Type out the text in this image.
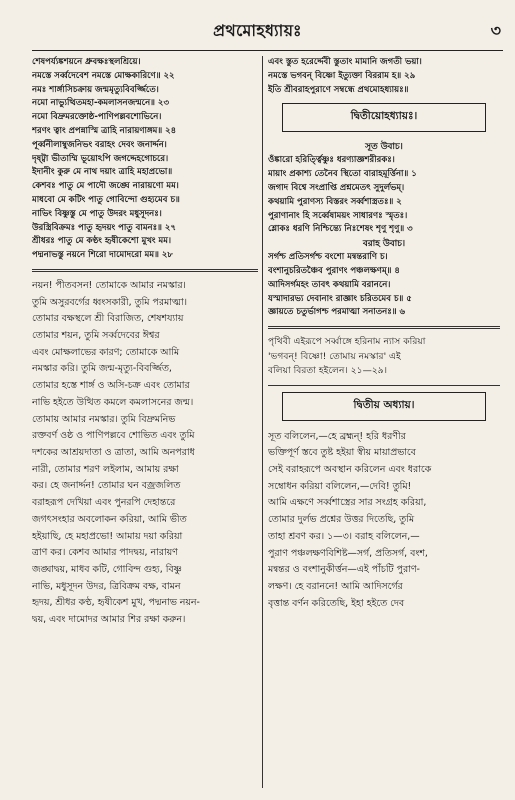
প্রথমোহধ্যায়ঃ	৩
শেষপর্য্যঙ্কশয়নে ধ্রুবক্ষঃস্থলশ্রিয়ে।
নমস্তে সর্ব্বদেবেশ নমস্তে মোক্ষকারিণে॥ ২২
নমঃ শার্ঙ্গাসিচক্রায় জন্মমৃত্যুবিবর্জ্জিতে।
নমো নাভ্যুত্থিতমহা-কমলাসনজন্মনে॥ ২৩
নমো বিদ্রুমরক্তোষ্ঠ-পাণিপল্লবশোভিনে।
শরণং ত্বাং প্রপন্নাস্মি ত্রাহি নারায়ণাঙ্গম॥ ২৪
পূর্ব্বনীলাম্বুজনিভং বরাহং দেবং জনার্দ্দন।
দৃষ্ট্বা ভীতাম্মি ভূয়োঽপি জগদ্দেহগোচরে।
ইদানীং কুরু মে নাথ দয়াং ত্রাহি মহাপ্রভো॥
কেশবঃ পাতু মে পাদৌ জঙ্ঘে নারায়ণো মম।
মাধবো মে কটিং পাতু গোবিন্দো গুহ্যমেব চ॥
নাভিং বিষ্ণুস্তু মে পাতু উদরং মধুসূদনঃ।
উরস্ত্রিবিক্রমঃ পাতু হৃদয়ং পাতু বামনঃ॥ ২৭
শ্রীধরঃ পাতু মে কণ্ঠং হৃষীকেশো মুখং মম।
পদ্মনাভস্তু নয়নে শিরো দামোদরো মম॥ ২৮
নয়ন! পীতবসন! তোমাকে আমার নমস্কার।
তুমি অসুরবর্গের ধ্বংসকারী, তুমি পরমাত্মা।
তোমার বক্ষস্থলে শ্রী বিরাজিত, শেষশয্যায়
তোমার শয়ন, তুমি সর্ব্বদেবের ঈশ্বর
এবং মোক্ষলাভের কারণ; তোমাকে আমি
নমস্কার করি। তুমি জন্ম-মৃত্যু-বিবর্জ্জিত,
তোমার হস্তে শার্ঙ্গ ও অসি-চক্র এবং তোমার
নাভি হইতে উত্থিত কমলে কমলাসনের জন্ম।
তোমায় আমার নমস্কার। তুমি বিদ্রুমনিভ
রক্তবর্ণ ওষ্ঠ ও পাণিপল্লবে শোভিত এবং তুমি
দশকের আশ্রয়দাতা ও ত্রাতা, আমি অনপরাধ
নারী, তোমার শরণ লইলাম, আমায় রক্ষা
কর। হে জনার্দ্দন! তোমার ঘন বজ্রজলিত
বরাহরূপ দেখিয়া এবং পুনরপি দেহান্তরে
জগৎসংহার অবলোকন করিয়া, আমি ভীত
হইয়াছি, হে মহাপ্রভো! আমায় দয়া করিয়া
ত্রাণ কর। কেশব আমার পাদদ্বয়, নারায়ণ
জঙ্ঘাদ্বয়, মাধব কটি, গোবিন্দ গুহ্য, বিষ্ণু
নাভি, মধুসূদন উদর, ত্রিবিক্রম বক্ষ, বামন
হৃদয়, শ্রীধর কণ্ঠ, হৃষীকেশ মুখ, পদ্মনাভ নয়ন-
দ্বয়, এবং দামোদর আমার শির রক্ষা করুন।
এবং স্তুত হরের্দ্দেবী স্তুতাং মামানি জগতী ভয়া।
নমস্তে ভগবন্ বিষ্ণো ইত্যুক্তা বিররাম হ॥ ২৯
ইতি শ্রীবরাহপুরাণে সম্বন্ধে প্রথমোহধ্যায়ঃ॥
দ্বিতীয়োহধ্যায়ঃ।
সূত উবাচ।
ওঁঙ্কারো হরির্ত্ত্বিষ্ণুঃ ধরণ্যাজ্ঞশরীরকঃ।
মায়াং প্রকাশ্য তেনৈব স্থিতো বারাহমূর্ত্তিনা॥ ১
জগাদ বিশ্বে সংপ্রাপ্তি প্রশ্নমেতৎ সুদুর্লভম্।
কথয়ামি পুরাণস্য বিস্তরং সর্ব্বশাস্ত্রতঃ॥ ২
পুরাণানাং হি সর্ব্বেষাময়ং সাধারণঃ স্মৃতঃ।
শ্লোকঃ ধরণি নিশ্চিন্ত্যে নিঃশেষং শৃণু শৃণু॥ ৩
বরাহ উবাচ।
সর্গশ্চ প্রতিসর্গশ্চ বংশো মন্বন্তরাণি চ।
বংশানুচরিতঞ্চৈব পুরাণং পঞ্চলক্ষণম্॥ ৪
আদিসর্গমহং তাবৎ কথয়ামি বরাননে।
যস্মাদারভ্য দেবানাং রাজ্ঞাং চরিতমেব চ॥ ৫
জ্ঞায়তে চতুর্ভাগশ্চ পরমাত্মা সনাতনঃ॥ ৬
পৃথিবী এইরূপে সর্ব্বাঙ্গে হরিনাম ন্যাস করিয়া
'ভগবন্! বিষ্ণো! তোমায় নমস্কার' এই
বলিয়া বিরতা হইলেন। ২১—২৯।
দ্বিতীয় অধ্যায়।
সূত বলিলেন,—হে ব্রহ্মন্! হরি ধরণীর
ভক্তিপূর্ণ স্তবে তুষ্ট হইয়া স্বীয় মায়াপ্রভাবে
সেই বরাহরূপে অবস্থান করিলেন এবং ধরাকে
সম্বোধন করিয়া বলিলেন,—দেবি! তুমি!
আমি এক্ষণে সর্ব্বশাস্ত্রের সার সংগ্রহ করিয়া,
তোমার দুর্লভ প্রশ্নের উত্তর দিতেছি, তুমি
তাহা শ্রবণ কর। ১—৩। বরাহ বলিলেন,—
পুরাণ পঞ্চলক্ষণবিশিষ্ট—সর্গ, প্রতিসর্গ, বংশ,
মন্বন্তর ও বংশানুকীর্ত্তন—এই পাঁচটি পুরাণ-
লক্ষণ। হে বরাননে! আমি আদিসর্গের
বৃত্তান্ত বর্ণন করিতেছি, ইহা হইতে দেব
